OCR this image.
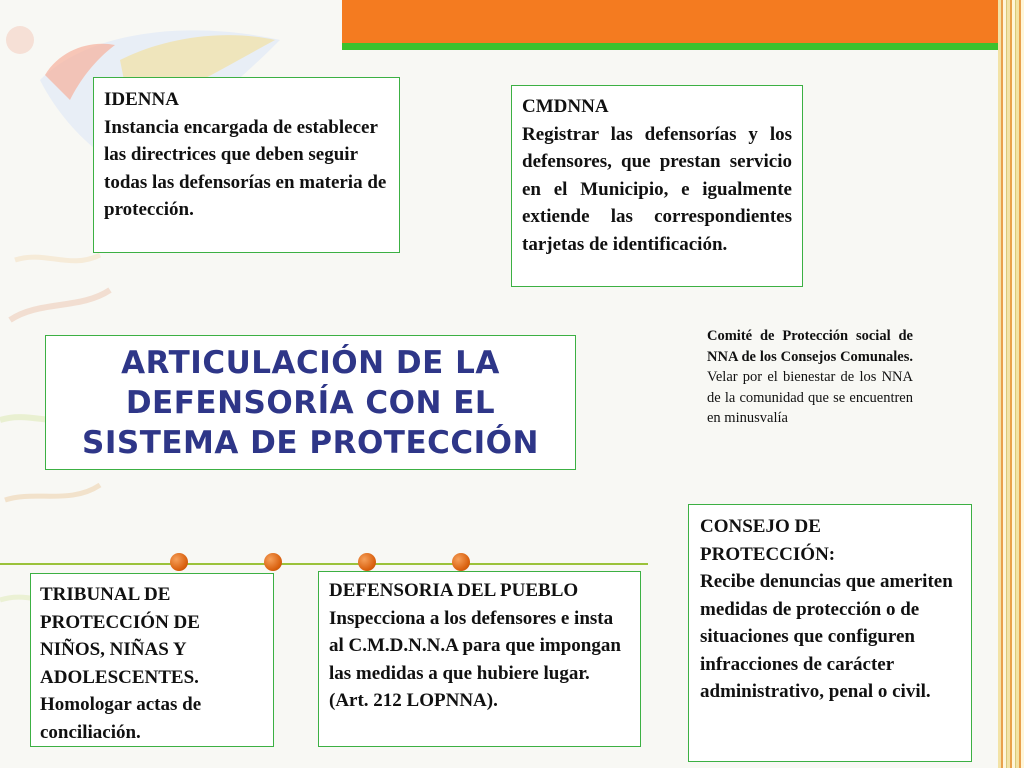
IDENNA
Instancia encargada de establecer las directrices que deben seguir todas las defensorías en materia de protección.
CMDNNA
Registrar las defensorías y los defensores, que prestan servicio en el Municipio, e igualmente extiende las correspondientes tarjetas de identificación.
ARTICULACIÓN DE LA
DEFENSORÍA CON EL
SISTEMA DE PROTECCIÓN
Comité de Protección social de NNA de los Consejos Comunales. Velar por el bienestar de los NNA de la comunidad que se encuentren en minusvalía
CONSEJO DE PROTECCIÓN:
Recibe denuncias que ameriten medidas de protección o de situaciones que configuren infracciones de carácter administrativo, penal o civil.
TRIBUNAL DE PROTECCIÓN DE NIÑOS, NIÑAS Y ADOLESCENTES.
Homologar actas de conciliación.
DEFENSORIA DEL PUEBLO
Inspecciona a los defensores e insta al C.M.D.N.N.A para que impongan las medidas a que hubiere lugar.
(Art. 212 LOPNNA).
